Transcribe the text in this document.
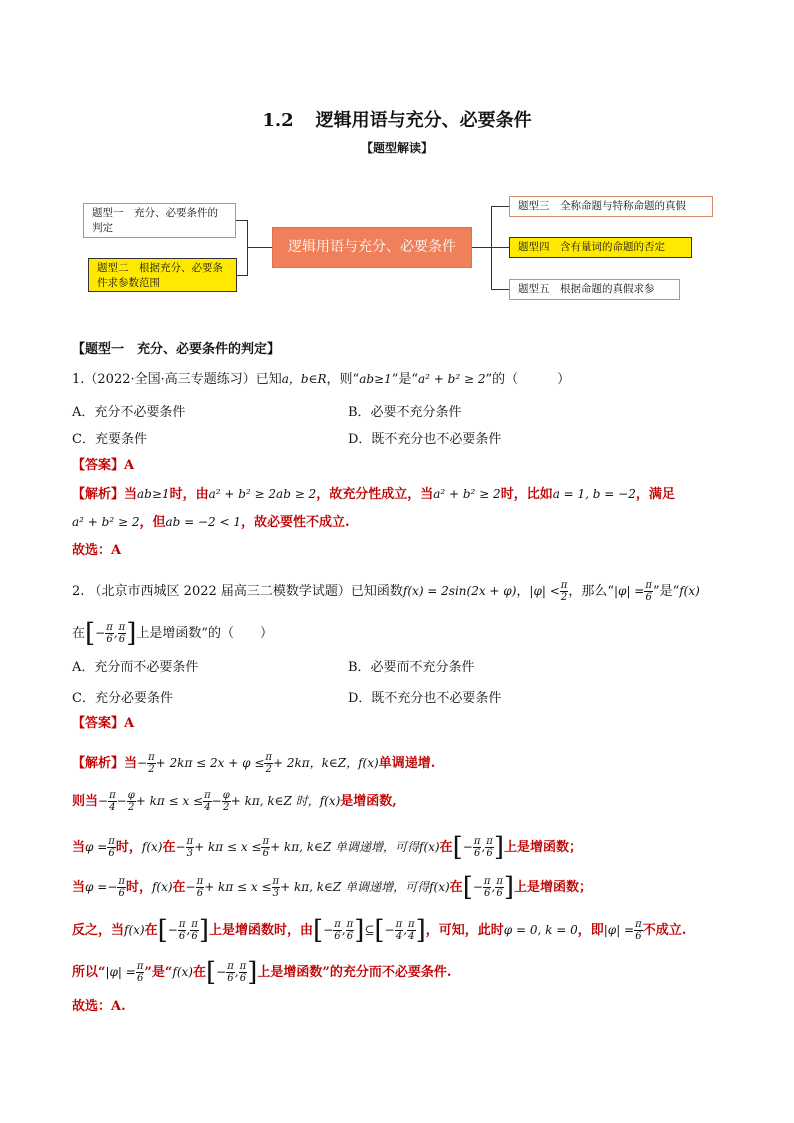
1.2 逻辑用语与充分、必要条件
【题型解读】
题型一　充分、必要条件的判定
题型二　根据充分、必要条件求参数范围
逻辑用语与充分、必要条件
题型三　全称命题与特称命题的真假
题型四　含有量词的命题的否定
题型五　根据命题的真假求参
【题型一　充分、必要条件的判定】
1.（2022·全国·高三专题练习）已知a，b∈R，则“ab≥1”是“a² + b² ≥ 2”的（　　　）
A．充分不必要条件	B．必要不充分条件
C．充要条件	D．既不充分也不必要条件
【答案】A
【解析】当ab≥1时，由a² + b² ≥ 2ab ≥ 2，故充分性成立，当a² + b² ≥ 2时，比如a = 1, b = −2，满足
a² + b² ≥ 2，但ab = −2 < 1，故必要性不成立.
故选：A
2. （北京市西城区 2022 届高三二模数学试题）已知函数f(x) = 2sin(2x + φ)，$|\varphi| < \frac{\pi}{2}$ ，那么“$|\varphi| = \frac{\pi}{6}$ ”是“f(x)
在[− $\frac{\pi}{6}$ , $\frac{\pi}{6}$ ]上是增函数”的（　　）
A．充分而不必要条件	B．必要而不充分条件
C．充分必要条件	D．既不充分也不必要条件
【答案】A
【解析】当− $\frac{\pi}{2} + 2k\pi \le 2x + \varphi \le \frac{\pi}{2} + 2k\pi$，k∈Z，f(x)单调递增.
则当− $\frac{\pi}{4} - \frac{\varphi}{2} + k\pi \le x \le \frac{\pi}{4} - \frac{\varphi}{2} + k\pi$, k∈Z 时，f(x)是增函数,
当$\varphi = \frac{\pi}{6}$ 时，f(x)在− $\frac{\pi}{3} + k\pi \le x \le \frac{\pi}{6} + k\pi$, k∈Z 单调递增，可得f(x)在[− $\frac{\pi}{6}$ , $\frac{\pi}{6}$ ]上是增函数；
当$\varphi =- \frac{\pi}{6}$ 时，f(x)在− $\frac{\pi}{6} + k\pi \le x \le \frac{\pi}{3} + k\pi$, k∈Z 单调递增，可得f(x)在[− $\frac{\pi}{6}$ , $\frac{\pi}{6}$ ]上是增函数；
反之，当f(x)在[− $\frac{\pi}{6}$ , $\frac{\pi}{6}$ ]上是增函数时，由[− $\frac{\pi}{6}$ , $\frac{\pi}{6}$ ]⊆[− $\frac{\pi}{4}$ , $\frac{\pi}{4}$ ]，可知，此时φ = 0, k = 0，即$|\varphi| = \frac{\pi}{6}$ 不成立.
所以“$|\varphi| = \frac{\pi}{6}$ ”是“f(x)在[− $\frac{\pi}{6}$ , $\frac{\pi}{6}$ ]上是增函数”的充分而不必要条件.
故选：A.
